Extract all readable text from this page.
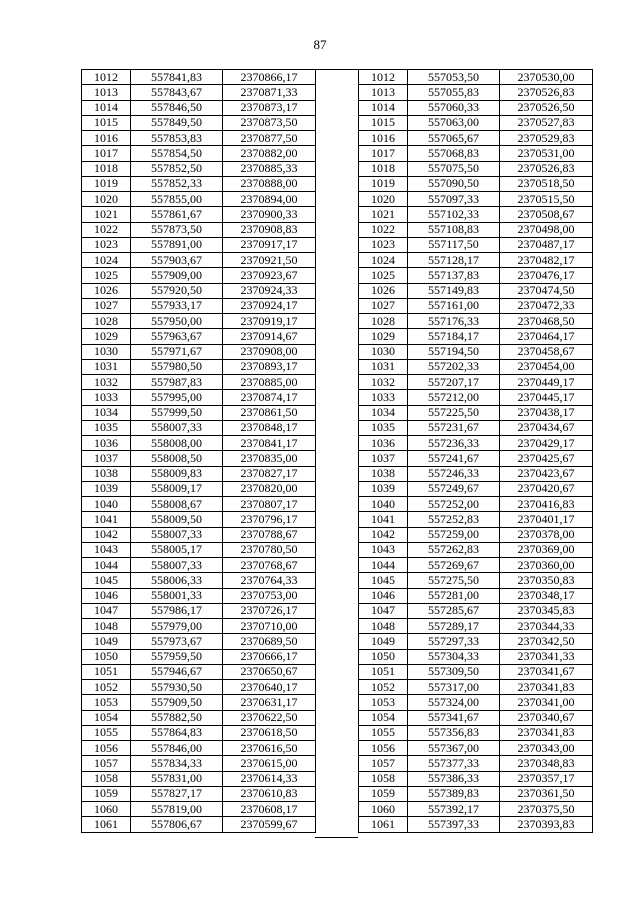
87
1012	557841,83	2370866,17
1013	557843,67	2370871,33
1014	557846,50	2370873,17
1015	557849,50	2370873,50
1016	557853,83	2370877,50
1017	557854,50	2370882,00
1018	557852,50	2370885,33
1019	557852,33	2370888,00
1020	557855,00	2370894,00
1021	557861,67	2370900,33
1022	557873,50	2370908,83
1023	557891,00	2370917,17
1024	557903,67	2370921,50
1025	557909,00	2370923,67
1026	557920,50	2370924,33
1027	557933,17	2370924,17
1028	557950,00	2370919,17
1029	557963,67	2370914,67
1030	557971,67	2370908,00
1031	557980,50	2370893,17
1032	557987,83	2370885,00
1033	557995,00	2370874,17
1034	557999,50	2370861,50
1035	558007,33	2370848,17
1036	558008,00	2370841,17
1037	558008,50	2370835,00
1038	558009,83	2370827,17
1039	558009,17	2370820,00
1040	558008,67	2370807,17
1041	558009,50	2370796,17
1042	558007,33	2370788,67
1043	558005,17	2370780,50
1044	558007,33	2370768,67
1045	558006,33	2370764,33
1046	558001,33	2370753,00
1047	557986,17	2370726,17
1048	557979,00	2370710,00
1049	557973,67	2370689,50
1050	557959,50	2370666,17
1051	557946,67	2370650,67
1052	557930,50	2370640,17
1053	557909,50	2370631,17
1054	557882,50	2370622,50
1055	557864,83	2370618,50
1056	557846,00	2370616,50
1057	557834,33	2370615,00
1058	557831,00	2370614,33
1059	557827,17	2370610,83
1060	557819,00	2370608,17
1061	557806,67	2370599,67
1012	557053,50	2370530,00
1013	557055,83	2370526,83
1014	557060,33	2370526,50
1015	557063,00	2370527,83
1016	557065,67	2370529,83
1017	557068,83	2370531,00
1018	557075,50	2370526,83
1019	557090,50	2370518,50
1020	557097,33	2370515,50
1021	557102,33	2370508,67
1022	557108,83	2370498,00
1023	557117,50	2370487,17
1024	557128,17	2370482,17
1025	557137,83	2370476,17
1026	557149,83	2370474,50
1027	557161,00	2370472,33
1028	557176,33	2370468,50
1029	557184,17	2370464,17
1030	557194,50	2370458,67
1031	557202,33	2370454,00
1032	557207,17	2370449,17
1033	557212,00	2370445,17
1034	557225,50	2370438,17
1035	557231,67	2370434,67
1036	557236,33	2370429,17
1037	557241,67	2370425,67
1038	557246,33	2370423,67
1039	557249,67	2370420,67
1040	557252,00	2370416,83
1041	557252,83	2370401,17
1042	557259,00	2370378,00
1043	557262,83	2370369,00
1044	557269,67	2370360,00
1045	557275,50	2370350,83
1046	557281,00	2370348,17
1047	557285,67	2370345,83
1048	557289,17	2370344,33
1049	557297,33	2370342,50
1050	557304,33	2370341,33
1051	557309,50	2370341,67
1052	557317,00	2370341,83
1053	557324,00	2370341,00
1054	557341,67	2370340,67
1055	557356,83	2370341,83
1056	557367,00	2370343,00
1057	557377,33	2370348,83
1058	557386,33	2370357,17
1059	557389,83	2370361,50
1060	557392,17	2370375,50
1061	557397,33	2370393,83
